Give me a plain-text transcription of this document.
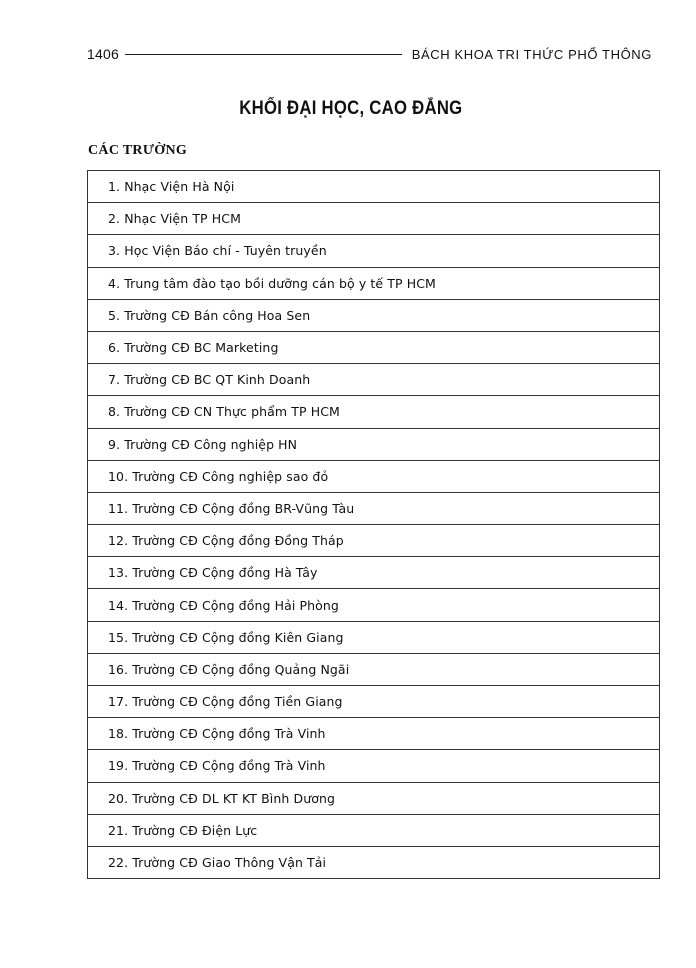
1406	BÁCH KHOA TRI THỨC PHỔ THÔNG
KHỐI ĐẠI HỌC, CAO ĐẲNG
CÁC TRƯỜNG
1. Nhạc Viện Hà Nội
2. Nhạc Viện TP HCM
3. Học Viện Báo chí - Tuyên truyền
4. Trung tâm đào tạo bồi dưỡng cán bộ y tế TP HCM
5. Trường CĐ Bán công Hoa Sen
6. Trường CĐ BC Marketing
7. Trường CĐ BC QT Kinh Doanh
8. Trường CĐ CN Thực phẩm TP HCM
9. Trường CĐ Công nghiệp HN
10. Trường CĐ Công nghiệp sao đỏ
11. Trường CĐ Cộng đồng BR-Vũng Tàu
12. Trường CĐ Cộng đồng Đồng Tháp
13. Trường CĐ Cộng đồng Hà Tây
14. Trường CĐ Cộng đồng Hải Phòng
15. Trường CĐ Cộng đồng Kiên Giang
16. Trường CĐ Cộng đồng Quảng Ngãi
17. Trường CĐ Cộng đồng Tiền Giang
18. Trường CĐ Cộng đồng Trà Vinh
19. Trường CĐ Cộng đồng Trà Vinh
20. Trường CĐ DL KT KT Bình Dương
21. Trường CĐ Điện Lực
22. Trường CĐ Giao Thông Vận Tải
